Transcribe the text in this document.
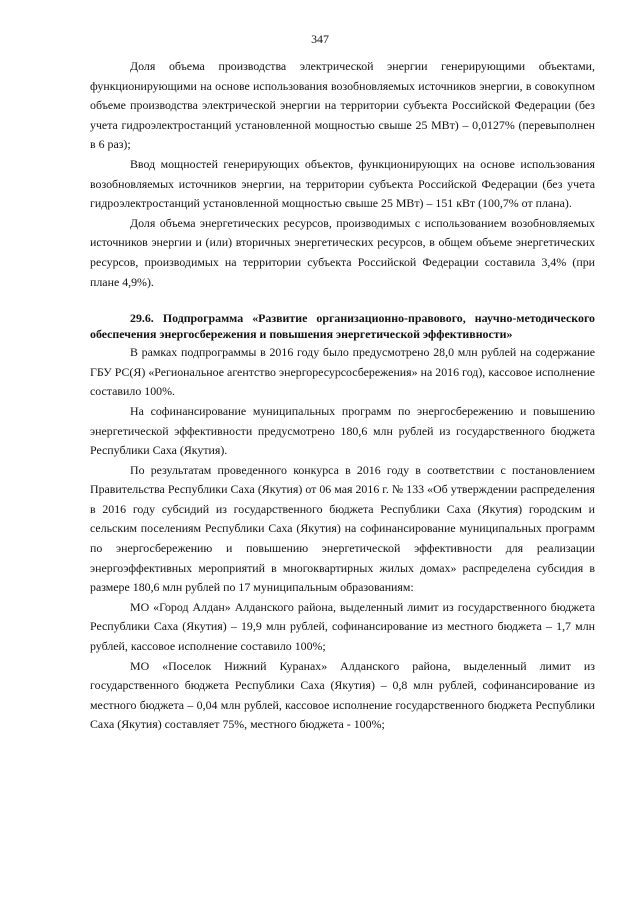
347

Доля объема производства электрической энергии генерирующими объектами, функционирующими на основе использования возобновляемых источников энергии, в совокупном объеме производства электрической энергии на территории субъекта Российской Федерации (без учета гидроэлектростанций установленной мощностью свыше 25 МВт) – 0,0127% (перевыполнен в 6 раз);

Ввод мощностей генерирующих объектов, функционирующих на основе использования возобновляемых источников энергии, на территории субъекта Российской Федерации (без учета гидроэлектростанций установленной мощностью свыше 25 МВт) – 151 кВт (100,7% от плана).

Доля объема энергетических ресурсов, производимых с использованием возобновляемых источников энергии и (или) вторичных энергетических ресурсов, в общем объеме энергетических ресурсов, производимых на территории субъекта Российской Федерации составила 3,4% (при плане 4,9%).

29.6. Подпрограмма «Развитие организационно-правового, научно-методического обеспечения энергосбережения и повышения энергетической эффективности»

В рамках подпрограммы в 2016 году было предусмотрено 28,0 млн рублей на содержание ГБУ РС(Я) «Региональное агентство энергоресурсосбережения» на 2016 год), кассовое исполнение составило 100%.

На софинансирование муниципальных программ по энергосбережению и повышению энергетической эффективности предусмотрено 180,6 млн рублей из государственного бюджета Республики Саха (Якутия).

По результатам проведенного конкурса в 2016 году в соответствии с постановлением Правительства Республики Саха (Якутия) от 06 мая 2016 г. № 133 «Об утверждении распределения в 2016 году субсидий из государственного бюджета Республики Саха (Якутия) городским и сельским поселениям Республики Саха (Якутия) на софинансирование муниципальных программ по энергосбережению и повышению энергетической эффективности для реализации энергоэффективных мероприятий в многоквартирных жилых домах» распределена субсидия в размере 180,6 млн рублей по 17 муниципальным образованиям:

МО «Город Алдан» Алданского района, выделенный лимит из государственного бюджета Республики Саха (Якутия) – 19,9 млн рублей, софинансирование из местного бюджета – 1,7 млн рублей, кассовое исполнение составило 100%;

МО «Поселок Нижний Куранах» Алданского района, выделенный лимит из государственного бюджета Республики Саха (Якутия) – 0,8 млн рублей, софинансирование из местного бюджета – 0,04 млн рублей, кассовое исполнение государственного бюджета Республики Саха (Якутия) составляет 75%, местного бюджета - 100%;
